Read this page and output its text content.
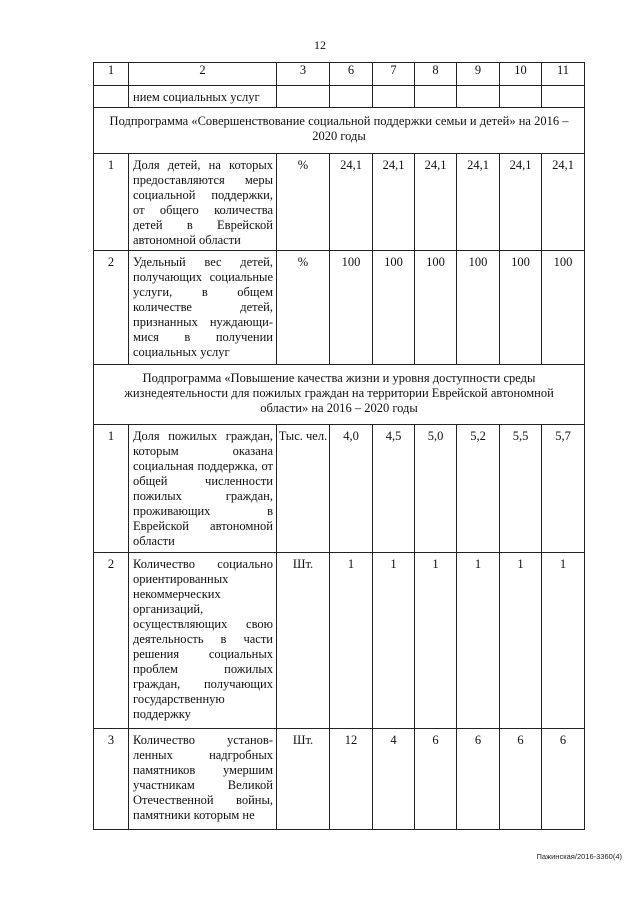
12
1	2	3	6	7	8	9	10	11
	нием социальных услуг							
Подпрограмма «Совершенствование социальной поддержки семьи и детей» на 2016 – 2020 годы								
1	Доля детей, на которых предоставляются меры социальной поддержки, от общего количества детей в Еврейской автономной области	%	24,1	24,1	24,1	24,1	24,1	24,1
2	Удельный вес детей, получающих социальные услуги, в общем количестве детей, признанных нуждающи-мися в получении социальных услуг	%	100	100	100	100	100	100
Подпрограмма «Повышение качества жизни и уровня доступности среды жизнедеятельности для пожилых граждан на территории Еврейской автономной области» на 2016 – 2020 годы								
1	Доля пожилых граждан, которым оказана социальная поддержка, от общей численности пожилых граждан, проживающих в Еврейской автономной области	Тыс. чел.	4,0	4,5	5,0	5,2	5,5	5,7
2	Количество социально ориентированных некоммерческих организаций, осуществляющих свою деятельность в части решения социальных проблем пожилых граждан, получающих государственную поддержку	Шт.	1	1	1	1	1	1
3	Количество установ-ленных надгробных памятников умершим участникам Великой Отечественной войны, памятники которым не	Шт.	12	4	6	6	6	6
Пажинская/2016-3360(4)
